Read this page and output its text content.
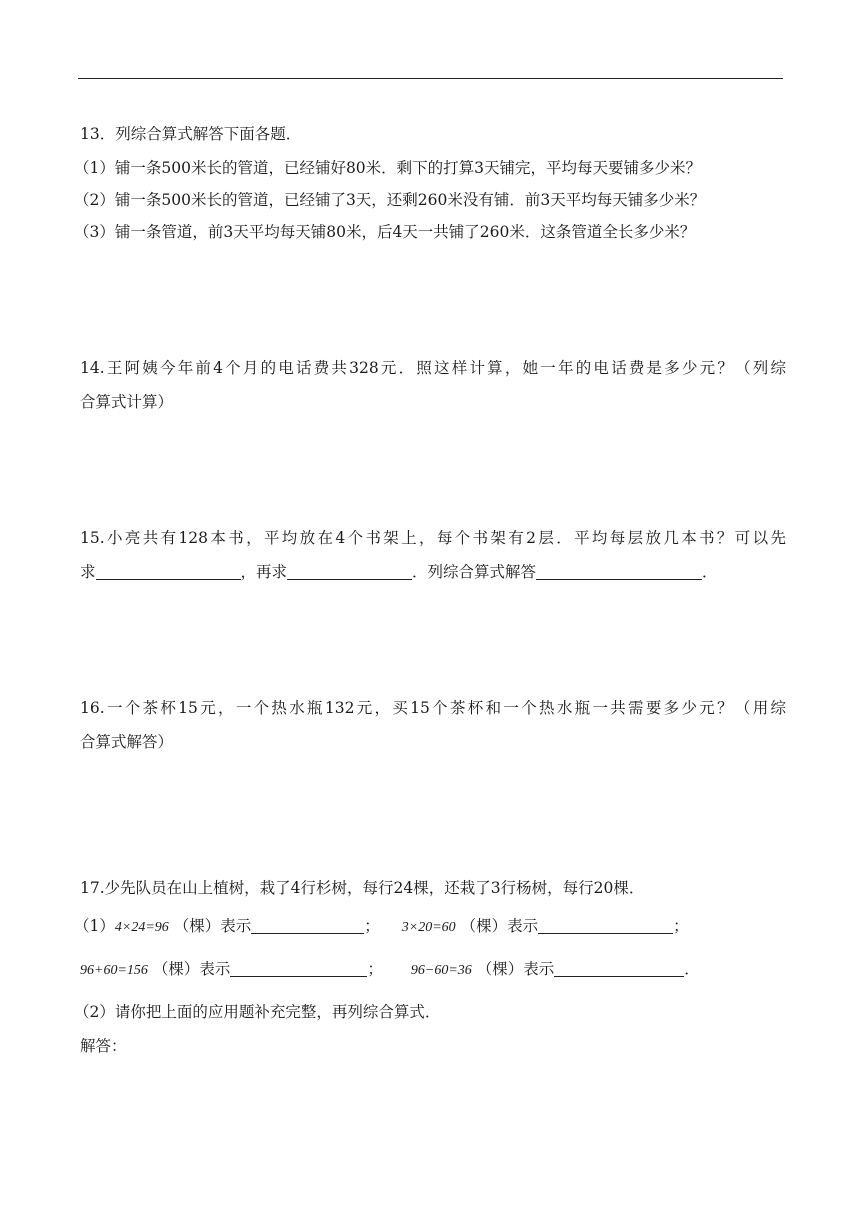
13．列综合算式解答下面各题．
（1）铺一条500米长的管道，已经铺好80米．剩下的打算3天铺完，平均每天要铺多少米？
（2）铺一条500米长的管道，已经铺了3天，还剩260米没有铺．前3天平均每天铺多少米？
（3）铺一条管道，前3天平均每天铺80米，后4天一共铺了260米．这条管道全长多少米？
14.王阿姨今年前4个月的电话费共328元．照这样计算，她一年的电话费是多少元？（列综
合算式计算）
15.小亮共有128本书，平均放在4个书架上，每个书架有2层．平均每层放几本书？可以先
求	，再求	．列综合算式解答	．
16.一个茶杯15元，一个热水瓶132元，买15个茶杯和一个热水瓶一共需要多少元？（用综
合算式解答）
17.少先队员在山上植树，栽了4行杉树，每行24棵，还栽了3行杨树，每行20棵．
（1）4×24=96 （棵）表示	； 3×20=60 （棵）表示	；
96+60=156 （棵）表示	； 96−60=36 （棵）表示	．
（2）请你把上面的应用题补充完整，再列综合算式．
解答：
